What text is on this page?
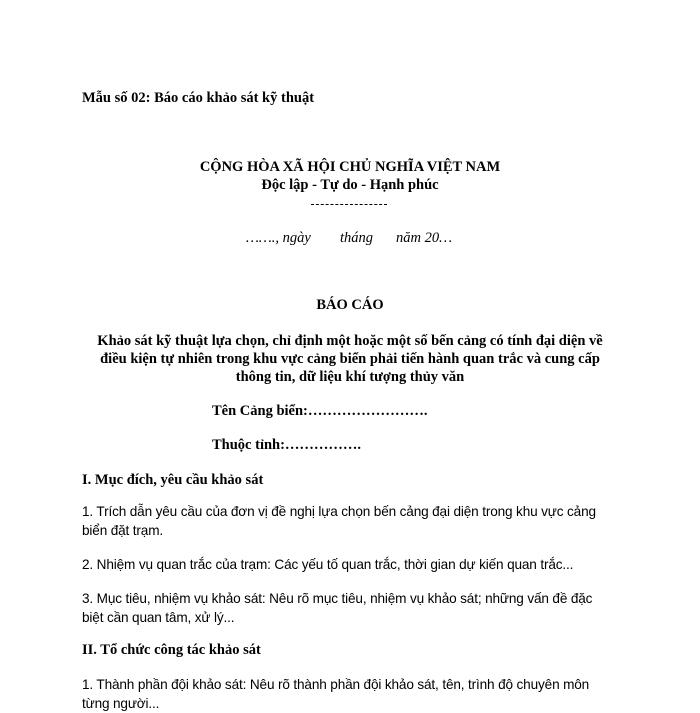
Mẫu số 02: Báo cáo khảo sát kỹ thuật
CỘNG HÒA XÃ HỘI CHỦ NGHĨA VIỆT NAM
Độc lập - Tự do - Hạnh phúc
……., ngày tháng năm 20…
BÁO CÁO
Khảo sát kỹ thuật lựa chọn, chỉ định một hoặc một số bến cảng có tính đại diện về
điều kiện tự nhiên trong khu vực cảng biển phải tiến hành quan trắc và cung cấp
thông tin, dữ liệu khí tượng thủy văn
Tên Cảng biển:…………………….
Thuộc tỉnh:…………….
I. Mục đích, yêu cầu khảo sát
1. Trích dẫn yêu cầu của đơn vị đề nghị lựa chọn bến cảng đại diện trong khu vực cảng
biển đặt trạm.
2. Nhiệm vụ quan trắc của trạm: Các yếu tố quan trắc, thời gian dự kiến quan trắc...
3. Mục tiêu, nhiệm vụ khảo sát: Nêu rõ mục tiêu, nhiệm vụ khảo sát; những vấn đề đặc
biệt cần quan tâm, xử lý...
II. Tổ chức công tác khảo sát
1. Thành phần đội khảo sát: Nêu rõ thành phần đội khảo sát, tên, trình độ chuyên môn
từng người...
